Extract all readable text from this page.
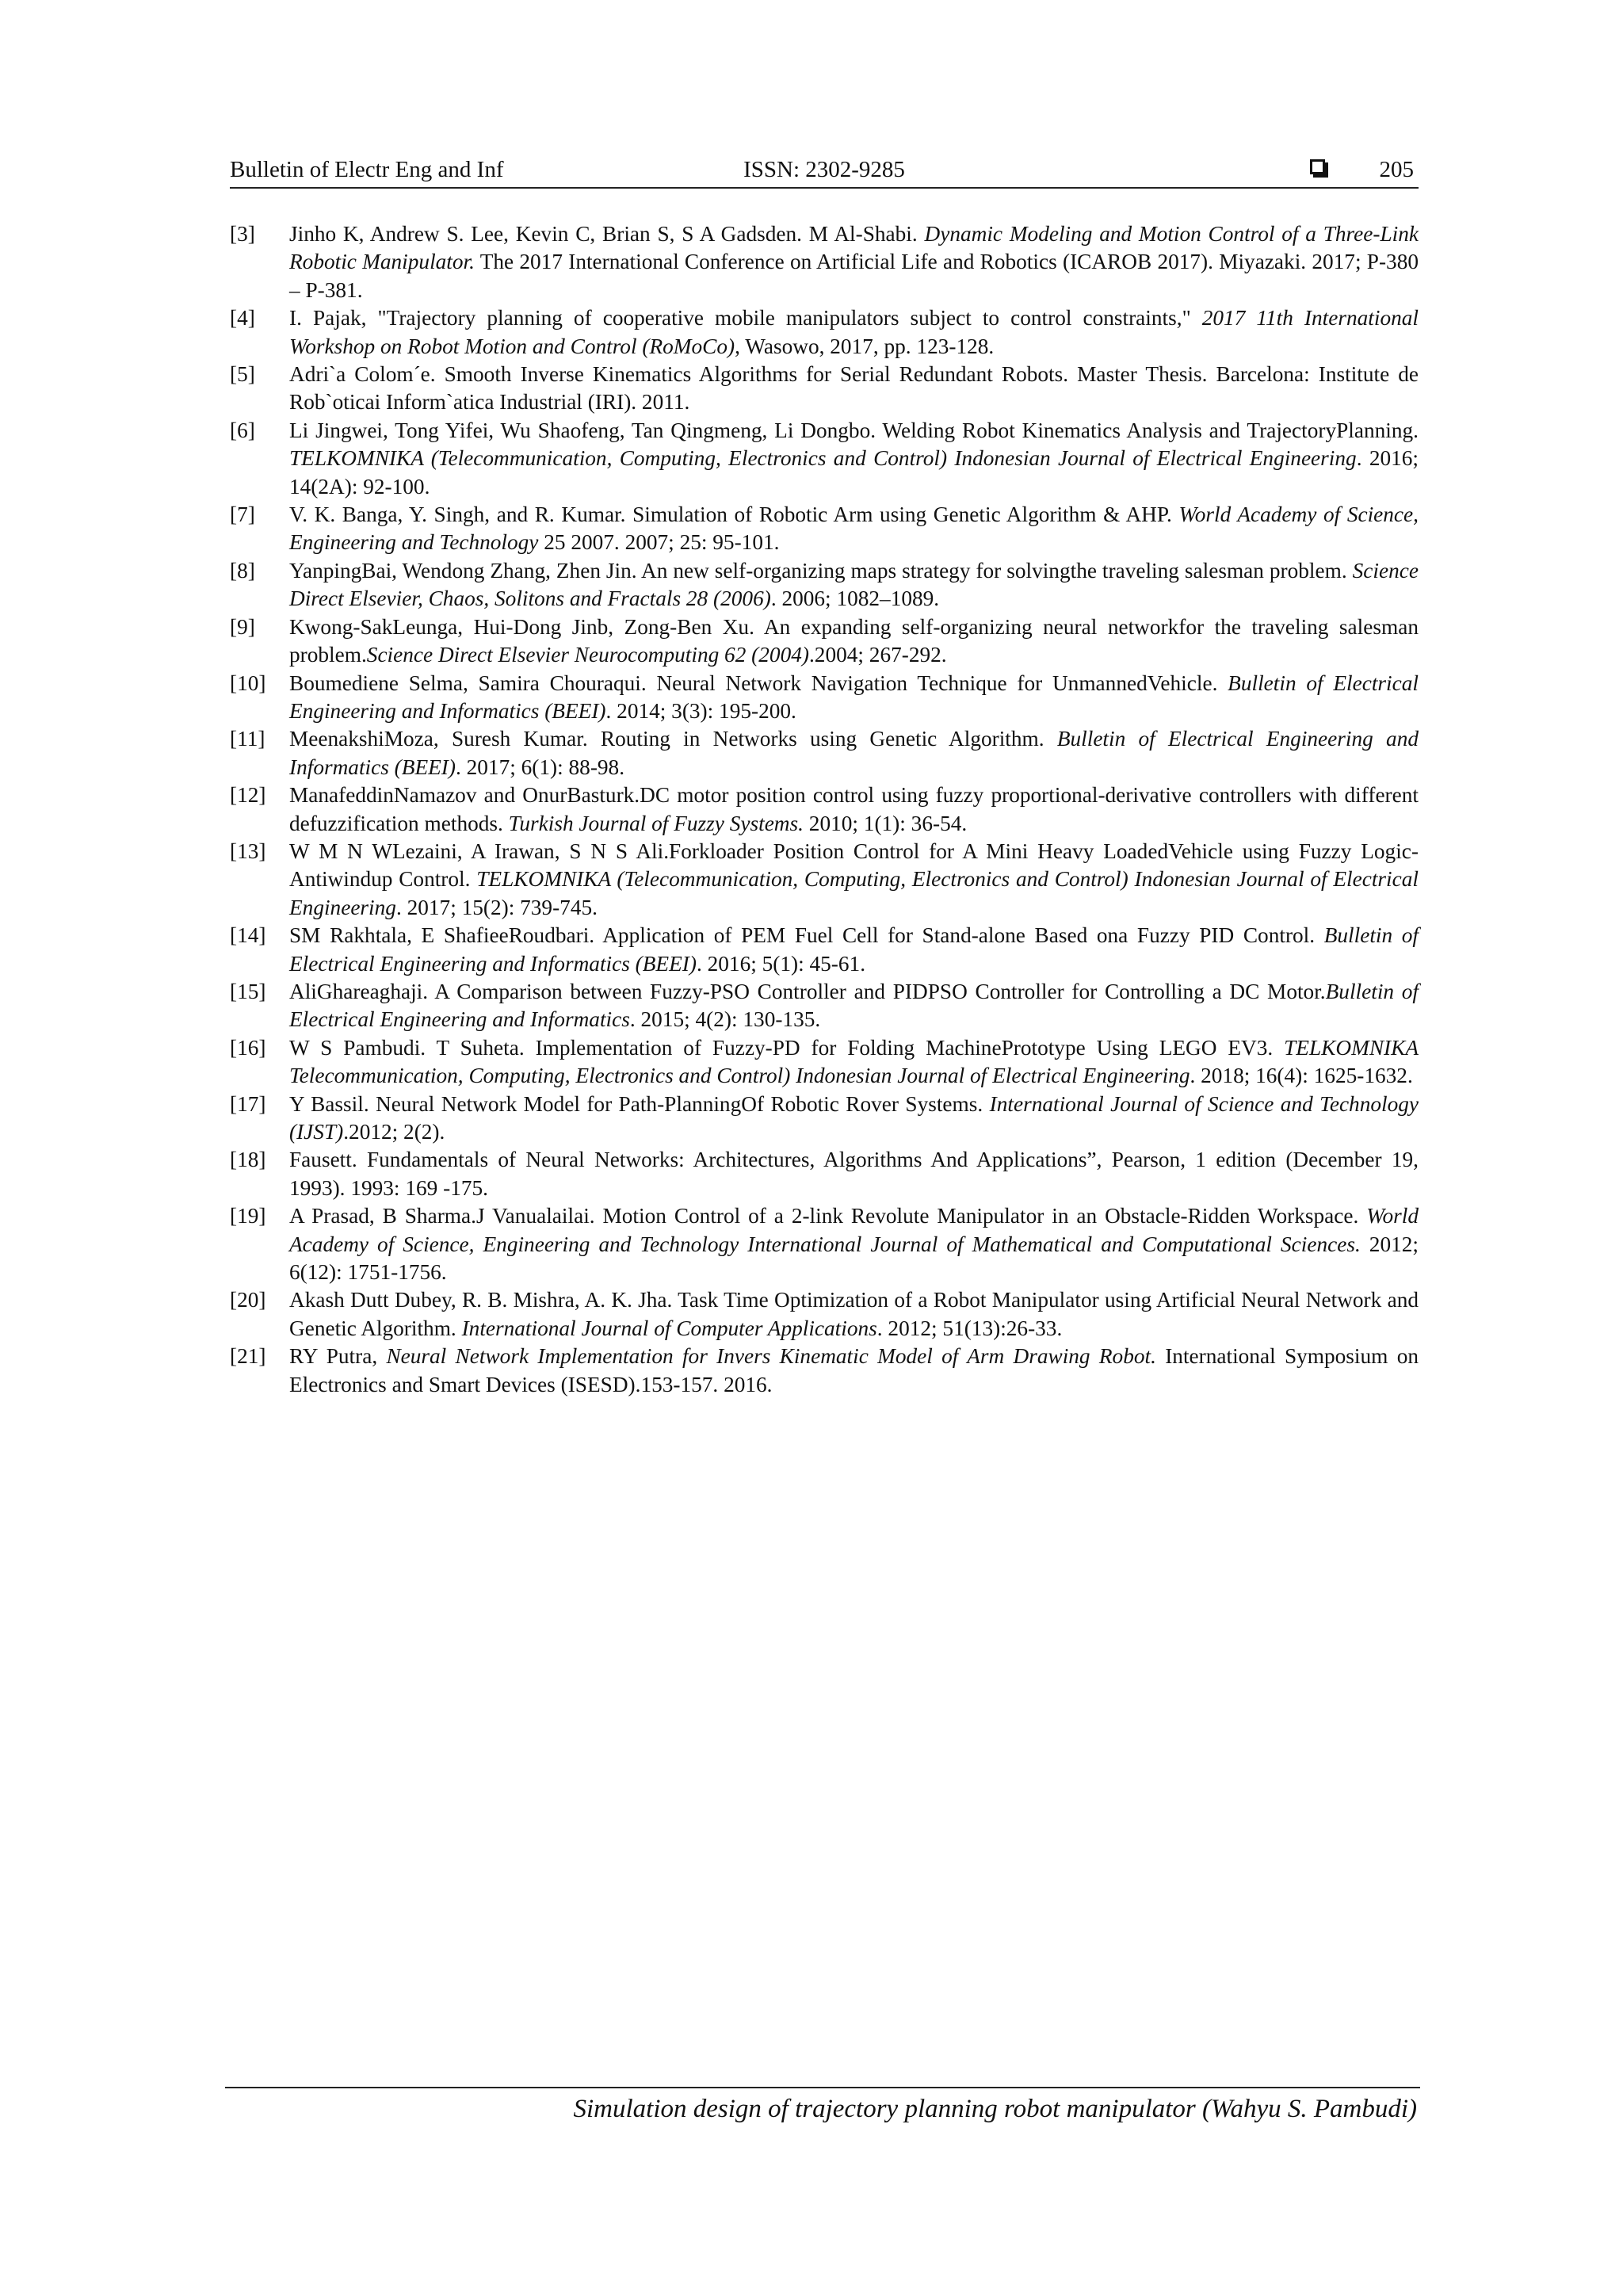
Bulletin of Electr Eng and Inf	ISSN: 2302-9285	205
[3]	Jinho K, Andrew S. Lee, Kevin C, Brian S, S A Gadsden. M Al-Shabi. Dynamic Modeling and Motion Control of a Three-Link Robotic Manipulator. The 2017 International Conference on Artificial Life and Robotics (ICAROB 2017). Miyazaki. 2017; P-380 – P-381.
[4]	I. Pajak, "Trajectory planning of cooperative mobile manipulators subject to control constraints," 2017 11th International Workshop on Robot Motion and Control (RoMoCo), Wasowo, 2017, pp. 123-128.
[5]	Adri`a Colom´e. Smooth Inverse Kinematics Algorithms for Serial Redundant Robots. Master Thesis. Barcelona: Institute de Rob`oticai Inform`atica Industrial (IRI). 2011.
[6]	Li Jingwei, Tong Yifei, Wu Shaofeng, Tan Qingmeng, Li Dongbo. Welding Robot Kinematics Analysis and TrajectoryPlanning. TELKOMNIKA (Telecommunication, Computing, Electronics and Control) Indonesian Journal of Electrical Engineering. 2016; 14(2A): 92-100.
[7]	V. K. Banga, Y. Singh, and R. Kumar. Simulation of Robotic Arm using Genetic Algorithm & AHP. World Academy of Science, Engineering and Technology 25 2007. 2007; 25: 95-101.
[8]	YanpingBai, Wendong Zhang, Zhen Jin. An new self-organizing maps strategy for solvingthe traveling salesman problem. Science Direct Elsevier, Chaos, Solitons and Fractals 28 (2006). 2006; 1082–1089.
[9]	Kwong-SakLeunga, Hui-Dong Jinb, Zong-Ben Xu. An expanding self-organizing neural networkfor the traveling salesman problem.Science Direct Elsevier Neurocomputing 62 (2004).2004; 267-292.
[10]	Boumediene Selma, Samira Chouraqui. Neural Network Navigation Technique for UnmannedVehicle. Bulletin of Electrical Engineering and Informatics (BEEI). 2014; 3(3): 195-200.
[11]	MeenakshiMoza, Suresh Kumar. Routing in Networks using Genetic Algorithm. Bulletin of Electrical Engineering and Informatics (BEEI). 2017; 6(1): 88-98.
[12]	ManafeddinNamazov and OnurBasturk.DC motor position control using fuzzy proportional-derivative controllers with different defuzzification methods. Turkish Journal of Fuzzy Systems. 2010; 1(1): 36-54.
[13]	W M N WLezaini, A Irawan, S N S Ali.Forkloader Position Control for A Mini Heavy LoadedVehicle using Fuzzy Logic-Antiwindup Control. TELKOMNIKA (Telecommunication, Computing, Electronics and Control) Indonesian Journal of Electrical Engineering. 2017; 15(2): 739-745.
[14]	SM Rakhtala, E ShafieeRoudbari. Application of PEM Fuel Cell for Stand-alone Based ona Fuzzy PID Control. Bulletin of Electrical Engineering and Informatics (BEEI). 2016; 5(1): 45-61.
[15]	AliGhareaghaji. A Comparison between Fuzzy-PSO Controller and PIDPSO Controller for Controlling a DC Motor.Bulletin of Electrical Engineering and Informatics. 2015; 4(2): 130-135.
[16]	W S Pambudi. T Suheta. Implementation of Fuzzy-PD for Folding MachinePrototype Using LEGO EV3. TELKOMNIKA Telecommunication, Computing, Electronics and Control) Indonesian Journal of Electrical Engineering. 2018; 16(4): 1625-1632.
[17]	Y Bassil. Neural Network Model for Path-PlanningOf Robotic Rover Systems. International Journal of Science and Technology (IJST).2012; 2(2).
[18]	Fausett. Fundamentals of Neural Networks: Architectures, Algorithms And Applications”, Pearson, 1 edition (December 19, 1993). 1993: 169 -175.
[19]	A Prasad, B Sharma.J Vanualailai. Motion Control of a 2-link Revolute Manipulator in an Obstacle-Ridden Workspace. World Academy of Science, Engineering and Technology International Journal of Mathematical and Computational Sciences. 2012; 6(12): 1751-1756.
[20]	Akash Dutt Dubey, R. B. Mishra, A. K. Jha. Task Time Optimization of a Robot Manipulator using Artificial Neural Network and Genetic Algorithm. International Journal of Computer Applications. 2012; 51(13):26-33.
[21]	RY Putra, Neural Network Implementation for Invers Kinematic Model of Arm Drawing Robot. International Symposium on Electronics and Smart Devices (ISESD).153-157. 2016.
Simulation design of trajectory planning robot manipulator (Wahyu S. Pambudi)
